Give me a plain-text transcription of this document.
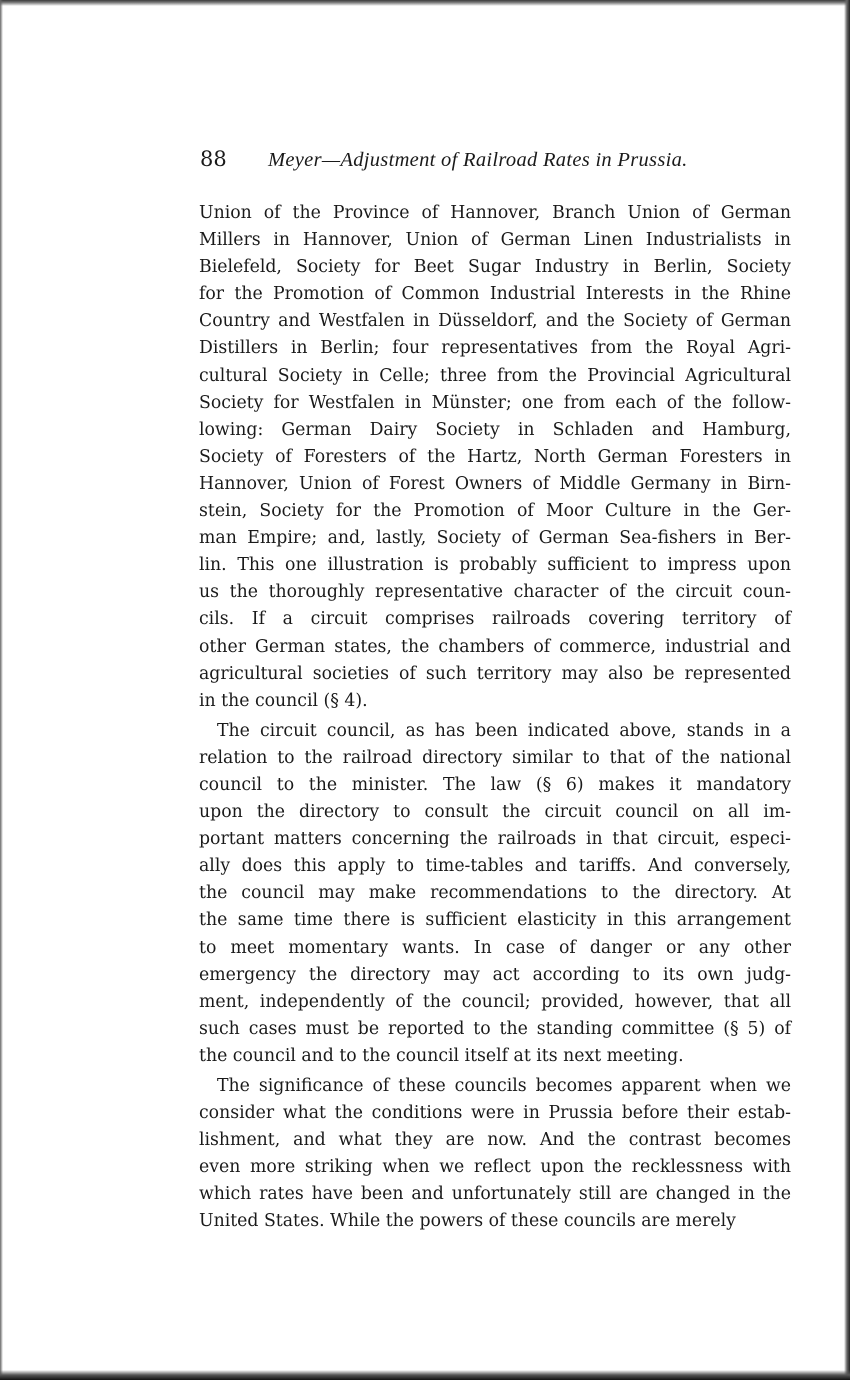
88 Meyer—Adjustment of Railroad Rates in Prussia.
Union of the Province of Hannover, Branch Union of German
Millers in Hannover, Union of German Linen Industrialists in
Bielefeld, Society for Beet Sugar Industry in Berlin, Society
for the Promotion of Common Industrial Interests in the Rhine
Country and Westfalen in Düsseldorf, and the Society of German
Distillers in Berlin; four representatives from the Royal Agri-
cultural Society in Celle; three from the Provincial Agricultural
Society for Westfalen in Münster; one from each of the follow-
lowing: German Dairy Society in Schladen and Hamburg,
Society of Foresters of the Hartz, North German Foresters in
Hannover, Union of Forest Owners of Middle Germany in Birn-
stein, Society for the Promotion of Moor Culture in the Ger-
man Empire; and, lastly, Society of German Sea-fishers in Ber-
lin. This one illustration is probably sufficient to impress upon
us the thoroughly representative character of the circuit coun-
cils. If a circuit comprises railroads covering territory of
other German states, the chambers of commerce, industrial and
agricultural societies of such territory may also be represented
in the council (§ 4).
The circuit council, as has been indicated above, stands in a
relation to the railroad directory similar to that of the national
council to the minister. The law (§ 6) makes it mandatory
upon the directory to consult the circuit council on all im-
portant matters concerning the railroads in that circuit, especi-
ally does this apply to time-tables and tariffs. And conversely,
the council may make recommendations to the directory. At
the same time there is sufficient elasticity in this arrangement
to meet momentary wants. In case of danger or any other
emergency the directory may act according to its own judg-
ment, independently of the council; provided, however, that all
such cases must be reported to the standing committee (§ 5) of
the council and to the council itself at its next meeting.
The significance of these councils becomes apparent when we
consider what the conditions were in Prussia before their estab-
lishment, and what they are now. And the contrast becomes
even more striking when we reflect upon the recklessness with
which rates have been and unfortunately still are changed in the
United States. While the powers of these councils are merely
